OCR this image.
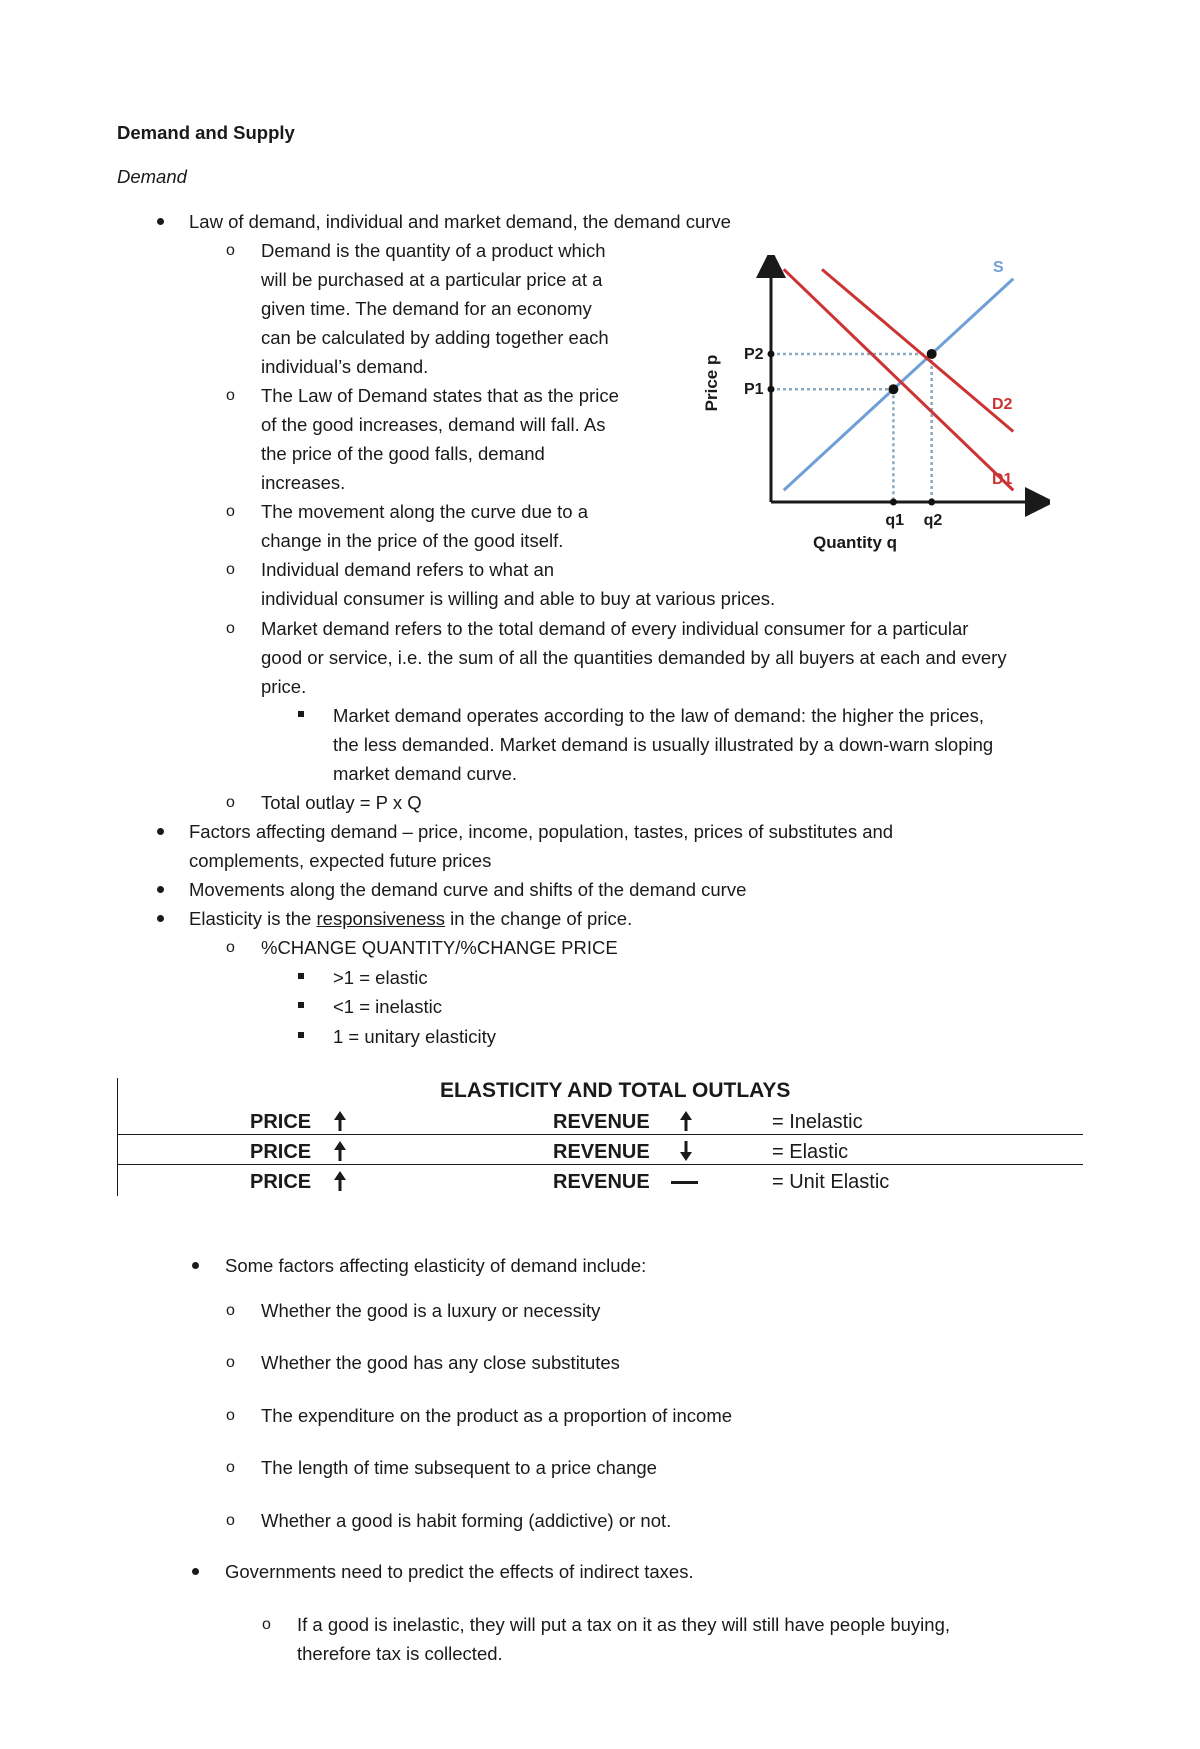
Demand and Supply
Demand
Law of demand, individual and market demand, the demand curve
o Demand is the quantity of a product which
will be purchased at a particular price at a
given time. The demand for an economy
can be calculated by adding together each
individual’s demand.
o The Law of Demand states that as the price
of the good increases, demand will fall. As
the price of the good falls, demand
increases.
o The movement along the curve due to a
change in the price of the good itself.
o Individual demand refers to what an
individual consumer is willing and able to buy at various prices.
o Market demand refers to the total demand of every individual consumer for a particular
good or service, i.e. the sum of all the quantities demanded by all buyers at each and every
price.
Market demand operates according to the law of demand: the higher the prices,
the less demanded. Market demand is usually illustrated by a down-warn sloping
market demand curve.
o Total outlay = P x Q
Factors affecting demand – price, income, population, tastes, prices of substitutes and
complements, expected future prices
Movements along the demand curve and shifts of the demand curve
Elasticity is the responsiveness in the change of price.
o %CHANGE QUANTITY/%CHANGE PRICE
>1 = elastic
<1 = inelastic
1 = unitary elasticity
ELASTICITY AND TOTAL OUTLAYS
PRICE	REVENUE	= Inelastic
PRICE	REVENUE	= Elastic
PRICE	REVENUE	= Unit Elastic
Some factors affecting elasticity of demand include:
o Whether the good is a luxury or necessity
o Whether the good has any close substitutes
o The expenditure on the product as a proportion of income
o The length of time subsequent to a price change
o Whether a good is habit forming (addictive) or not.
Governments need to predict the effects of indirect taxes.
o If a good is inelastic, they will put a tax on it as they will still have people buying,
therefore tax is collected.
S
D2
D1
Price p
Quantity q
P1
P2
q1 q2
